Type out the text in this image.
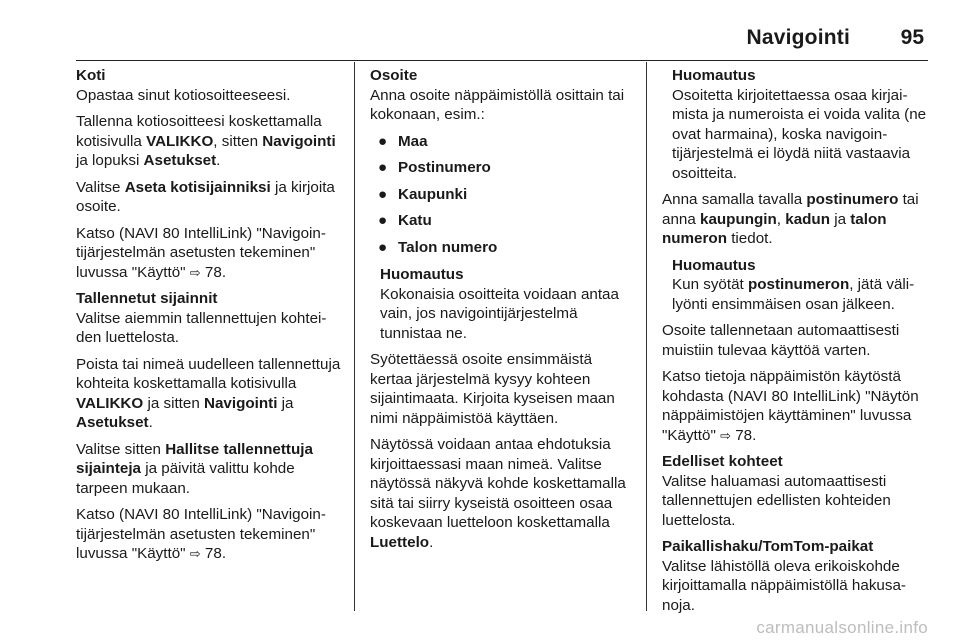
Navigointi 95

Koti

Opastaa sinut kotiosoitteeseesi.

Tallenna kotiosoitteesi koskettamalla kotisivulla VALIKKO, sitten Navigointi ja lopuksi Asetukset.

Valitse Aseta kotisijainniksi ja kirjoita osoite.

Katso (NAVI 80 IntelliLink) "Navigointijärjestelmän asetusten tekeminen" luvussa "Käyttö" ⇨ 78.

Tallennetut sijainnit

Valitse aiemmin tallennettujen kohteiden luettelosta.

Poista tai nimeä uudelleen tallennettuja kohteita koskettamalla kotisivulla VALIKKO ja sitten Navigointi ja Asetukset.

Valitse sitten Hallitse tallennettuja sijainteja ja päivitä valittu kohde tarpeen mukaan.

Katso (NAVI 80 IntelliLink) "Navigointijärjestelmän asetusten tekeminen" luvussa "Käyttö" ⇨ 78.

Osoite

Anna osoite näppäimistöllä osittain tai kokonaan, esim.:

● Maa
● Postinumero
● Kaupunki
● Katu
● Talon numero

Huomautus

Kokonaisia osoitteita voidaan antaa vain, jos navigointijärjestelmä tunnistaa ne.

Syötettäessä osoite ensimmäistä kertaa järjestelmä kysyy kohteen sijaintimaata. Kirjoita kyseisen maan nimi näppäimistöä käyttäen.

Näytössä voidaan antaa ehdotuksia kirjoittaessasi maan nimeä. Valitse näytössä näkyvä kohde koskettamalla sitä tai siirry kyseistä osoitteen osaa koskevaan luetteloon koskettamalla Luettelo.

Huomautus

Osoitetta kirjoitettaessa osaa kirjaimista ja numeroista ei voida valita (ne ovat harmaina), koska navigointijärjestelmä ei löydä niitä vastaavia osoitteita.

Anna samalla tavalla postinumero tai anna kaupungin, kadun ja talon numeron tiedot.

Huomautus

Kun syötät postinumeron, jätä välilyönti ensimmäisen osan jälkeen.

Osoite tallennetaan automaattisesti muistiin tulevaa käyttöä varten.

Katso tietoja näppäimistön käytöstä kohdasta (NAVI 80 IntelliLink) "Näytön näppäimistöjen käyttäminen" luvussa "Käyttö" ⇨ 78.

Edelliset kohteet

Valitse haluamasi automaattisesti tallennettujen edellisten kohteiden luettelosta.

Paikallishaku/TomTom-paikat

Valitse lähistöllä oleva erikoiskohde kirjoittamalla näppäimistöllä hakusanoja.

carmanualsonline.info
